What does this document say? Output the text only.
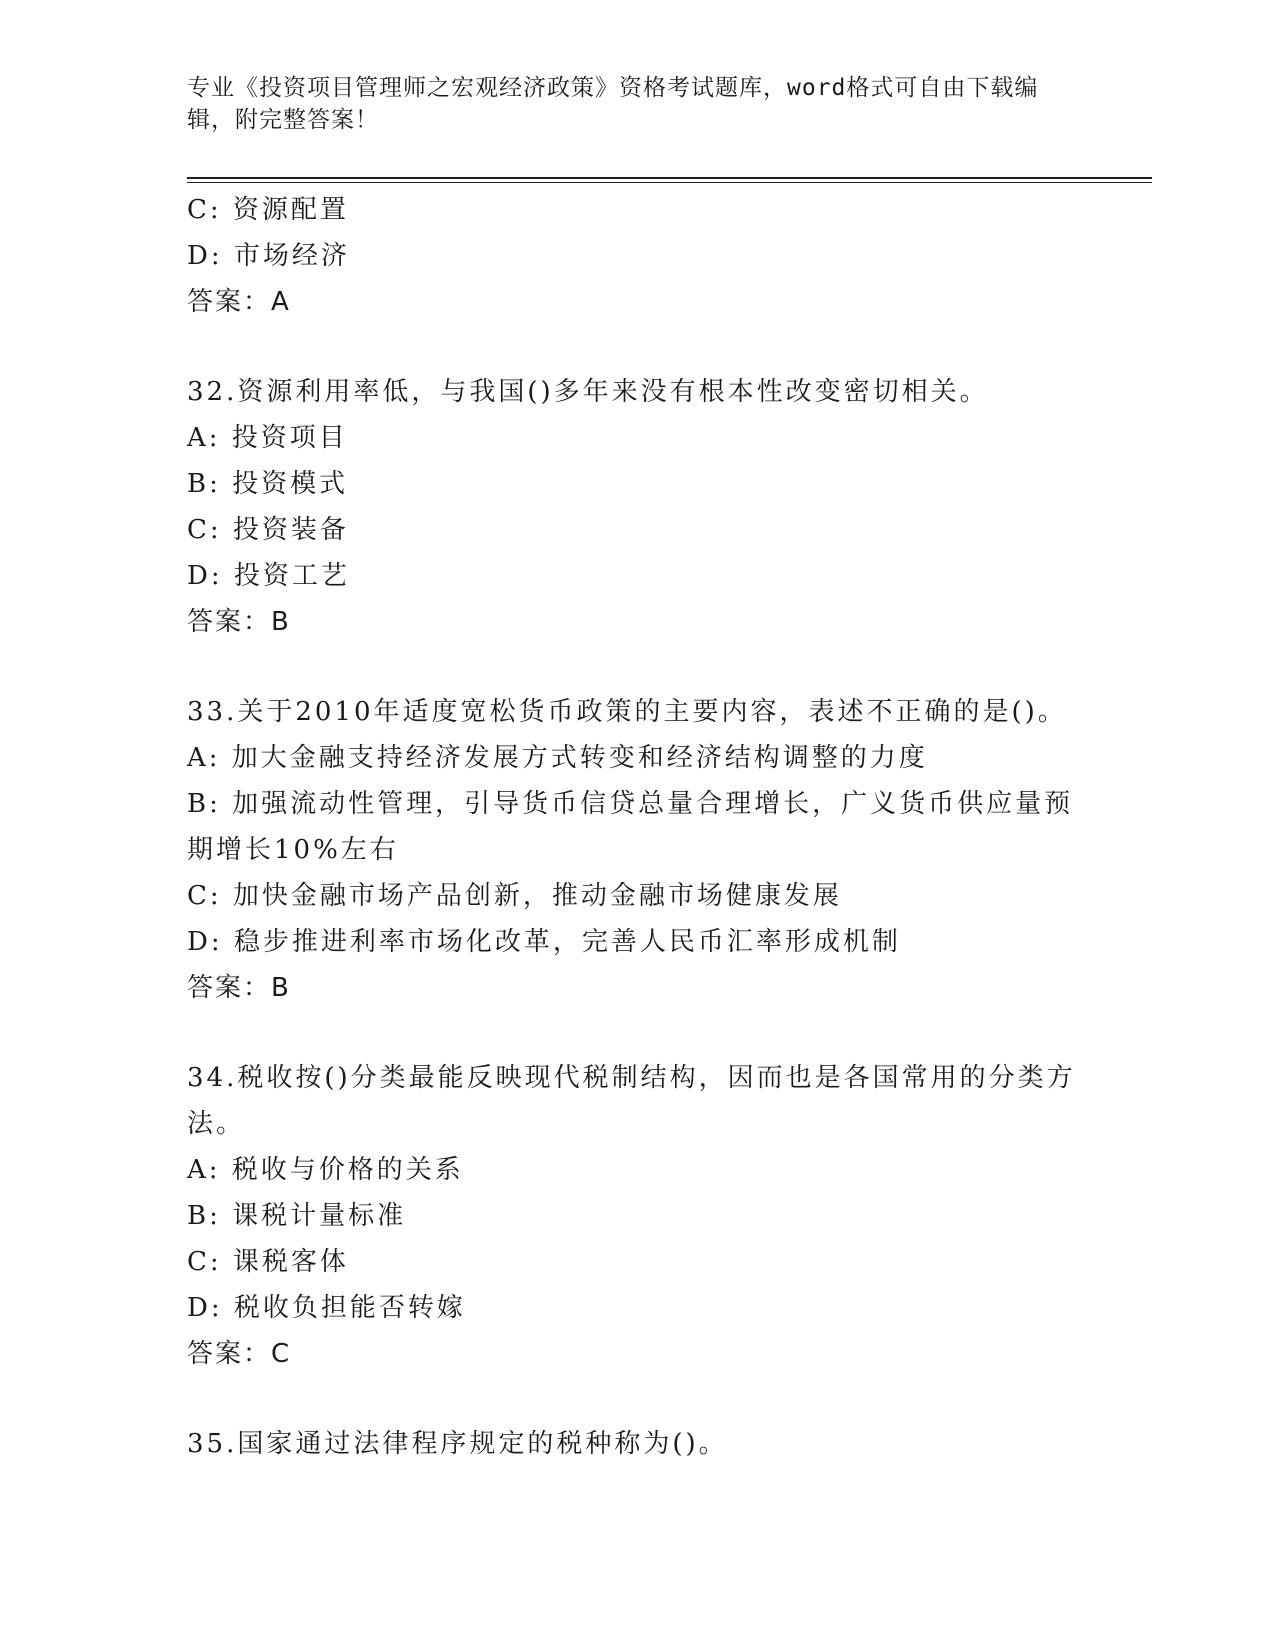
专业《投资项目管理师之宏观经济政策》资格考试题库，word格式可自由下载编辑，附完整答案！
C: 资源配置
D: 市场经济
答案：A
32.资源利用率低，与我国()多年来没有根本性改变密切相关。
A: 投资项目
B: 投资模式
C: 投资装备
D: 投资工艺
答案：B
33.关于2010年适度宽松货币政策的主要内容，表述不正确的是()。
A: 加大金融支持经济发展方式转变和经济结构调整的力度
B: 加强流动性管理，引导货币信贷总量合理增长，广义货币供应量预期增长10%左右
C: 加快金融市场产品创新，推动金融市场健康发展
D: 稳步推进利率市场化改革，完善人民币汇率形成机制
答案：B
34.税收按()分类最能反映现代税制结构，因而也是各国常用的分类方法。
A: 税收与价格的关系
B: 课税计量标准
C: 课税客体
D: 税收负担能否转嫁
答案：C
35.国家通过法律程序规定的税种称为()。
